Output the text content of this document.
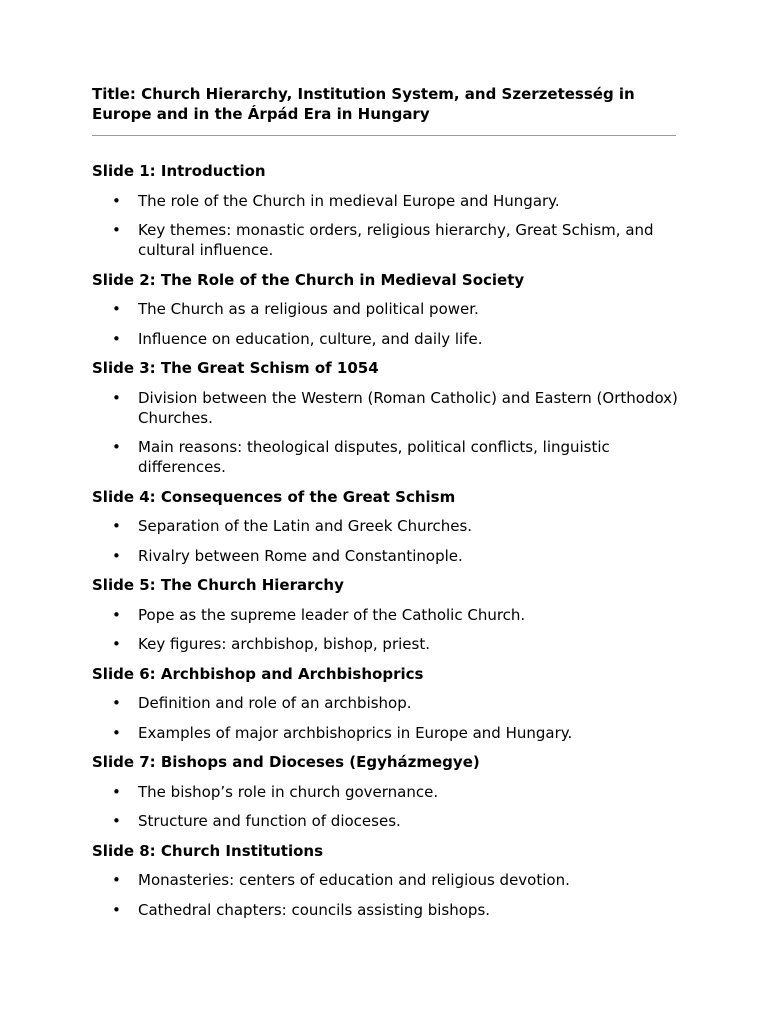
Title: Church Hierarchy, Institution System, and Szerzetesség in Europe and in the Árpád Era in Hungary
Slide 1: Introduction
• The role of the Church in medieval Europe and Hungary.
• Key themes: monastic orders, religious hierarchy, Great Schism, and cultural influence.
Slide 2: The Role of the Church in Medieval Society
• The Church as a religious and political power.
• Influence on education, culture, and daily life.
Slide 3: The Great Schism of 1054
• Division between the Western (Roman Catholic) and Eastern (Orthodox) Churches.
• Main reasons: theological disputes, political conflicts, linguistic differences.
Slide 4: Consequences of the Great Schism
• Separation of the Latin and Greek Churches.
• Rivalry between Rome and Constantinople.
Slide 5: The Church Hierarchy
• Pope as the supreme leader of the Catholic Church.
• Key figures: archbishop, bishop, priest.
Slide 6: Archbishop and Archbishoprics
• Definition and role of an archbishop.
• Examples of major archbishoprics in Europe and Hungary.
Slide 7: Bishops and Dioceses (Egyházmegye)
• The bishop’s role in church governance.
• Structure and function of dioceses.
Slide 8: Church Institutions
• Monasteries: centers of education and religious devotion.
• Cathedral chapters: councils assisting bishops.
